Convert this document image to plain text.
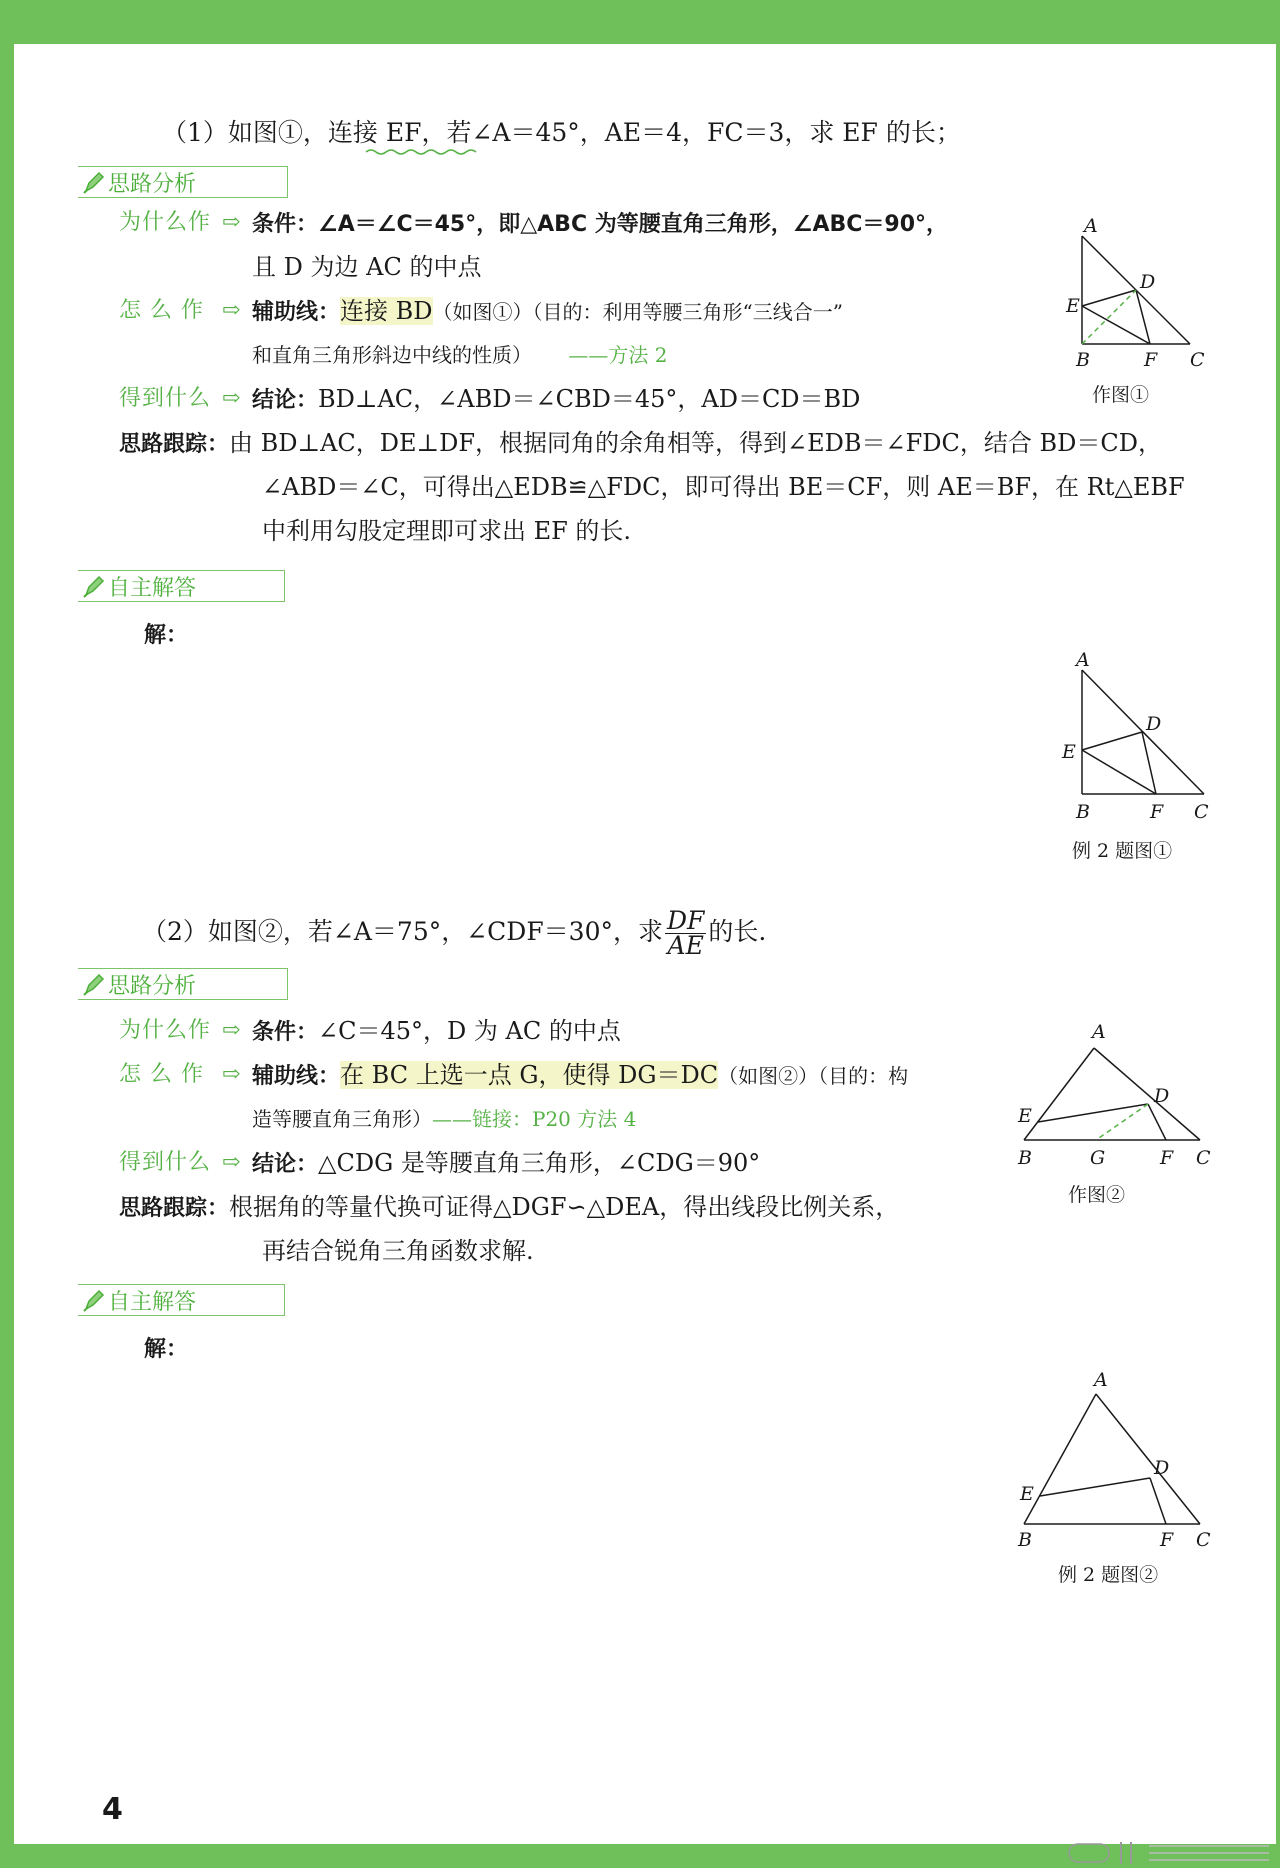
（1）如图①，连接 EF，若∠A＝45°，AE＝4，FC＝3，求 EF 的长；
思路分析
为什么作 ⇨ 条件：∠A＝∠C＝45°，即△ABC 为等腰直角三角形，∠ABC＝90°，
且 D 为边 AC 的中点
怎 么 作 ⇨ 辅助线：连接 BD（如图①）（目的：利用等腰三角形“三线合一”
和直角三角形斜边中线的性质） ——方法 2
得到什么 ⇨ 结论：BD⊥AC，∠ABD＝∠CBD＝45°，AD＝CD＝BD
思路跟踪：由 BD⊥AC，DE⊥DF，根据同角的余角相等，得到∠EDB＝∠FDC，结合 BD＝CD，
∠ABD＝∠C，可得出△EDB≌△FDC，即可得出 BE＝CF，则 AE＝BF，在 Rt△EBF
中利用勾股定理即可求出 EF 的长.
A
E
D
B	F C
作图①
自主解答
解：
A
E
D
B	F C
例 2 题图①
（2）如图②，若∠A＝75°，∠CDF＝30°，求 $\frac{DF}{AE}$ 的长.
思路分析
为什么作 ⇨ 条件：∠C＝45°，D 为 AC 的中点
怎 么 作 ⇨ 辅助线：在 BC 上选一点 G，使得 DG＝DC（如图②）（目的：构
造等腰直角三角形）——链接：P20 方法 4
得到什么 ⇨ 结论：△CDG 是等腰直角三角形，∠CDG＝90°
思路跟踪：根据角的等量代换可证得△DGF∽△DEA，得出线段比例关系，
再结合锐角三角函数求解.
A
E
D
B	G	F C
作图②
自主解答
解：
A
E
D
B	F C
例 2 题图②
4
